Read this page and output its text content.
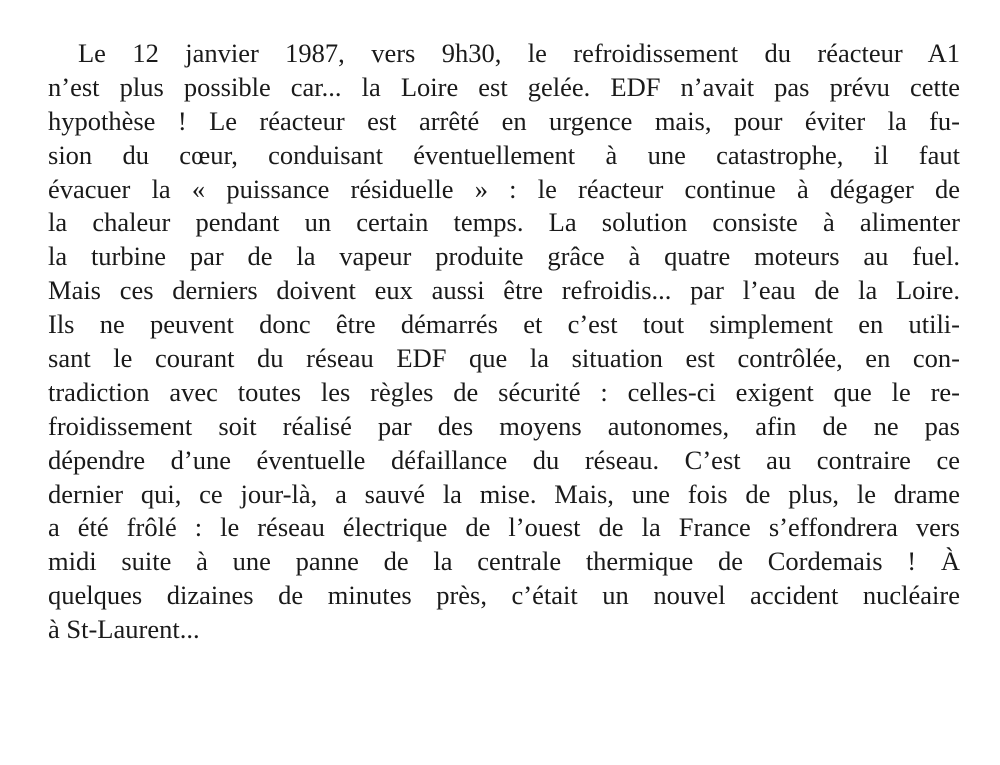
Le 12 janvier 1987, vers 9h30, le refroidissement du réacteur A1
n’est plus possible car... la Loire est gelée. EDF n’avait pas prévu cette
hypothèse ! Le réacteur est arrêté en urgence mais, pour éviter la fu-
sion du cœur, conduisant éventuellement à une catastrophe, il faut
évacuer la « puissance résiduelle » : le réacteur continue à dégager de
la chaleur pendant un certain temps. La solution consiste à alimenter
la turbine par de la vapeur produite grâce à quatre moteurs au fuel.
Mais ces derniers doivent eux aussi être refroidis... par l’eau de la Loire.
Ils ne peuvent donc être démarrés et c’est tout simplement en utili-
sant le courant du réseau EDF que la situation est contrôlée, en con-
tradiction avec toutes les règles de sécurité : celles-ci exigent que le re-
froidissement soit réalisé par des moyens autonomes, afin de ne pas
dépendre d’une éventuelle défaillance du réseau. C’est au contraire ce
dernier qui, ce jour-là, a sauvé la mise. Mais, une fois de plus, le drame
a été frôlé : le réseau électrique de l’ouest de la France s’effondrera vers
midi suite à une panne de la centrale thermique de Cordemais ! À
quelques dizaines de minutes près, c’était un nouvel accident nucléaire
à St-Laurent...
